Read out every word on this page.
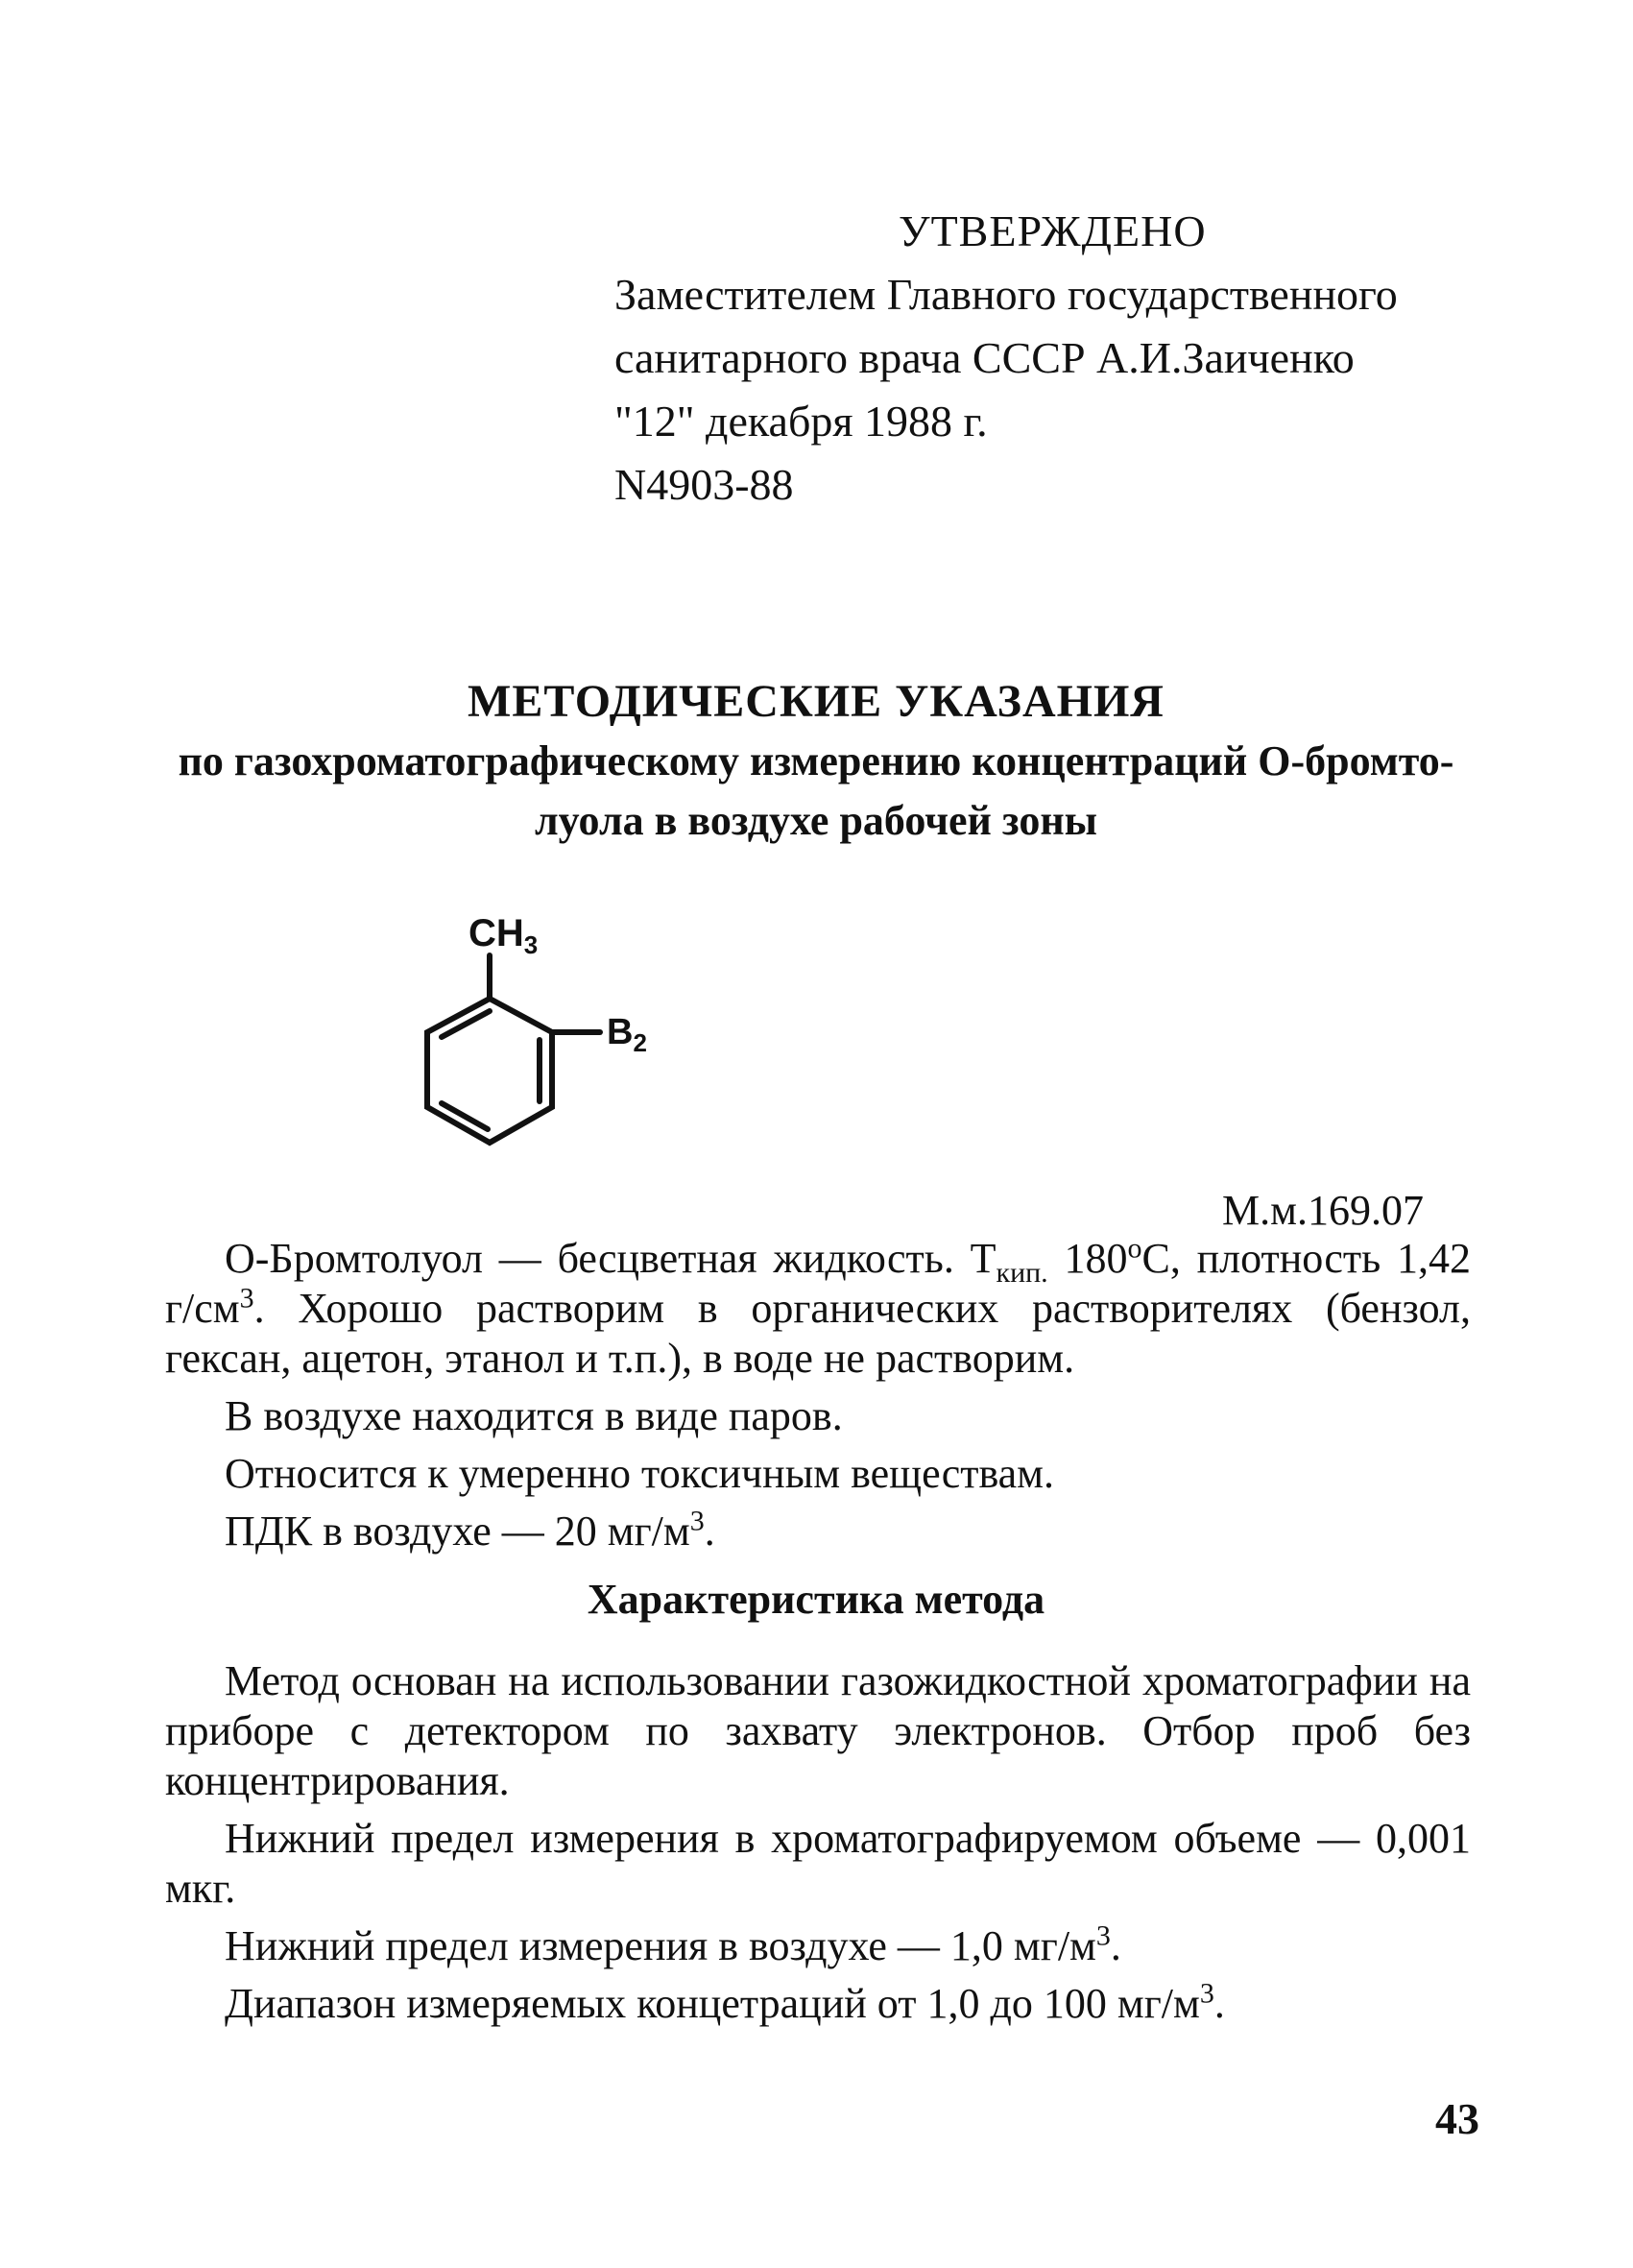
УТВЕРЖДЕНО
Заместителем Главного государственного
санитарного врача СССР А.И.Заиченко
"12" декабря 1988 г.
N4903-88
МЕТОДИЧЕСКИЕ УКАЗАНИЯ
по газохроматографическому измерению концентраций О-бромто-
луола в воздухе рабочей зоны
$CH_3$
$B_2$
М.м.169.07
О-Бромтолуол — бесцветная жидкость. $Т_{кип.}$ $180^оС$, плотность 1,42 $г/см^3$. Хорошо растворим в органических растворителях (бензол, гексан, ацетон, этанол и т.п.), в воде не растворим.
В воздухе находится в виде паров.
Относится к умеренно токсичным веществам.
ПДК в воздухе — 20 $мг/м^3$.
Характеристика метода
Метод основан на использовании газожидкостной хроматографии на приборе с детектором по захвату электронов. Отбор проб без концентрирования.
Нижний предел измерения в хроматографируемом объеме — 0,001 мкг.
Нижний предел измерения в воздухе — 1,0 $мг/м^3$.
Диапазон измеряемых концетраций от 1,0 до 100 $мг/м^3$.
43
